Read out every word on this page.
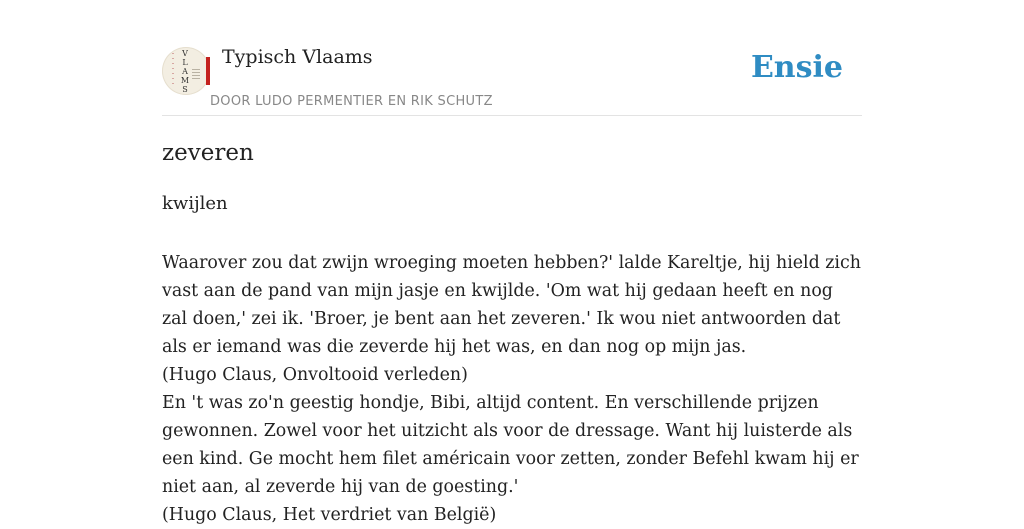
V
L
A
M
S
Typisch Vlaams
DOOR LUDO PERMENTIER EN RIK SCHUTZ
Ensie
zeveren
kwijlen

Waarover zou dat zwijn wroeging moeten hebben?' lalde Kareltje, hij hield zich vast aan de pand van mijn jasje en kwijlde. 'Om wat hij gedaan heeft en nog zal doen,' zei ik. 'Broer, je bent aan het zeveren.' Ik wou niet antwoorden dat als er iemand was die zeverde hij het was, en dan nog op mijn jas.

(Hugo Claus, Onvoltooid verleden)

En 't was zo'n geestig hondje, Bibi, altijd content. En verschillende prijzen gewonnen. Zowel voor het uitzicht als voor de dressage. Want hij luisterde als een kind. Ge mocht hem filet américain voor zetten, zonder Befehl kwam hij er niet aan, al zeverde hij van de goesting.'

(Hugo Claus, Het verdriet van België)
